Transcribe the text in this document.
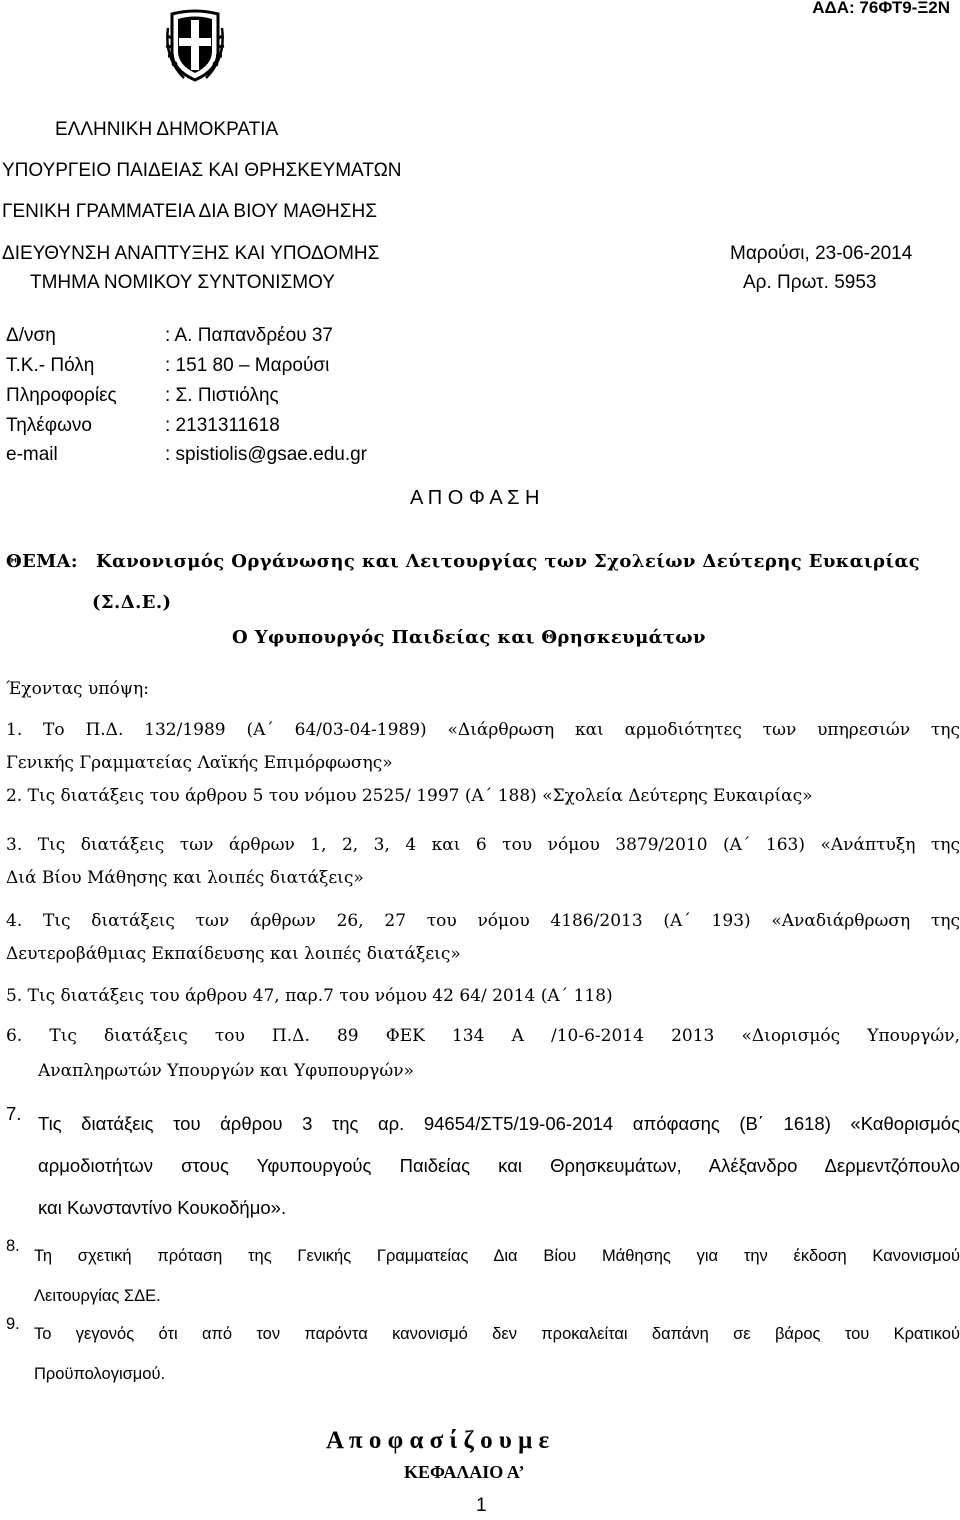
ΑΔΑ: 76ΦΤ9-Ξ2Ν
ΕΛΛΗΝΙΚΗ ΔΗΜΟΚΡΑΤΙΑ
ΥΠΟΥΡΓΕΙΟ ΠΑΙΔΕΙΑΣ ΚΑΙ ΘΡΗΣΚΕΥΜΑΤΩΝ
ΓΕΝΙΚΗ ΓΡΑΜΜΑΤΕΙΑ ΔΙΑ ΒΙΟΥ ΜΑΘΗΣΗΣ
ΔΙΕΥΘΥΝΣΗ ΑΝΑΠΤΥΞΗΣ ΚΑΙ ΥΠΟΔΟΜΗΣ
ΤΜΗΜΑ ΝΟΜΙΚΟΥ ΣΥΝΤΟΝΙΣΜΟΥ
Μαρούσι, 23-06-2014
Αρ. Πρωτ. 5953
Δ/νση	: Α. Παπανδρέου 37
Τ.Κ.- Πόλη	: 151 80 – Μαρούσι
Πληροφορίες	: Σ. Πιστιόλης
Τηλέφωνο	: 2131311618
e-mail	: spistiolis@gsae.edu.gr
Α Π Ο Φ Α Σ Η
ΘΕΜΑ: Κανονισμός Οργάνωσης και Λειτουργίας των Σχολείων Δεύτερης Ευκαιρίας
(Σ.Δ.Ε.)
Ο Υφυπουργός Παιδείας και Θρησκευμάτων
Έχοντας υπόψη:
1. Το Π.Δ. 132/1989 (Α΄ 64/03-04-1989) «Διάρθρωση και αρμοδιότητες των υπηρεσιών της
Γενικής Γραμματείας Λαϊκής Επιμόρφωσης»
2. Τις διατάξεις του άρθρου 5 του νόμου 2525/ 1997 (Α΄ 188) «Σχολεία Δεύτερης Ευκαιρίας»
3. Τις διατάξεις των άρθρων 1, 2, 3, 4 και 6 του νόμου 3879/2010 (Α΄ 163) «Ανάπτυξη της
Διά Βίου Μάθησης και λοιπές διατάξεις»
4. Τις διατάξεις των άρθρων 26, 27 του νόμου 4186/2013 (Α΄ 193) «Αναδιάρθρωση της
Δευτεροβάθμιας Εκπαίδευσης και λοιπές διατάξεις»
5. Τις διατάξεις του άρθρου 47, παρ.7 του νόμου 42 64/ 2014 (Α΄ 118)
6. Τις διατάξεις του Π.Δ. 89 ΦΕΚ 134 Α /10-6-2014 2013 «Διορισμός Υπουργών,
Αναπληρωτών Υπουργών και Υφυπουργών»
7. Τις διατάξεις του άρθρου 3 της αρ. 94654/ΣΤ5/19-06-2014 απόφασης (Β΄ 1618) «Καθορισμός
αρμοδιοτήτων στους Υφυπουργούς Παιδείας και Θρησκευμάτων, Αλέξανδρο Δερμεντζόπουλο
και Κωνσταντίνο Κουκοδήμο».
8.
Τη σχετική πρόταση της Γενικής Γραμματείας Δια Βίου Μάθησης για την έκδοση Κανονισμού
Λειτουργίας ΣΔΕ.
9.
Το γεγονός ότι από τον παρόντα κανονισμό δεν προκαλείται δαπάνη σε βάρος του Κρατικού
Προϋπολογισμού.
Α π ο φ α σ ί ζ ο υ μ ε
ΚΕΦΑΛΑΙΟ Α’
1
